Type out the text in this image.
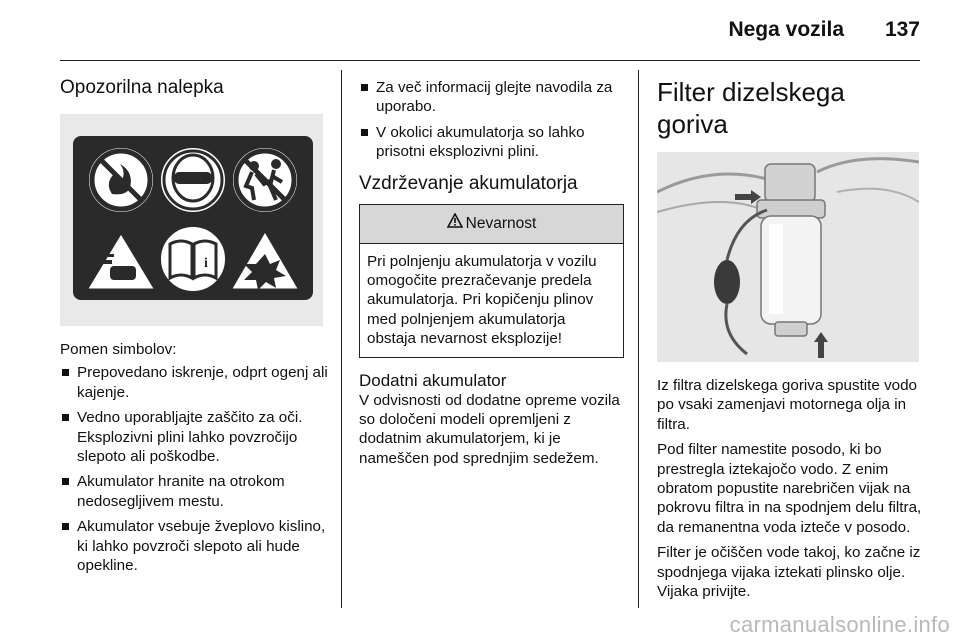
Nega vozila 137
Opozorilna nalepka
i

Pomen simbolov:

Prepovedano iskrenje, odprt ogenj ali kajenje.
Vedno uporabljajte zaščito za oči. Eksplozivni plini lahko povzročijo slepoto ali poškodbe.
Akumulator hranite na otrokom nedosegljivem mestu.
Akumulator vsebuje žveplovo kislino, ki lahko povzroči slepoto ali hude opekline.
Za več informacij glejte navodila za uporabo.
V okolici akumulatorja so lahko prisotni eksplozivni plini.
Vzdrževanje akumulatorja
Nevarnost
Pri polnjenju akumulatorja v vozilu omogočite prezračevanje predela akumulatorja. Pri kopičenju plinov med polnjenjem akumulatorja obstaja nevarnost eksplozije!
Dodatni akumulator

V odvisnosti od dodatne opreme vozila so določeni modeli opremljeni z dodatnim akumulatorjem, ki je nameščen pod sprednjim sedežem.

Filter dizelskega goriva

Iz filtra dizelskega goriva spustite vodo po vsaki zamenjavi motornega olja in filtra.

Pod filter namestite posodo, ki bo prestregla iztekajočo vodo. Z enim obratom popustite narebričen vijak na pokrovu filtra in na spodnjem delu filtra, da remanentna voda izteče v posodo.

Filter je očiščen vode takoj, ko začne iz spodnjega vijaka iztekati plinsko olje. Vijaka privijte.

carmanualsonline.info
